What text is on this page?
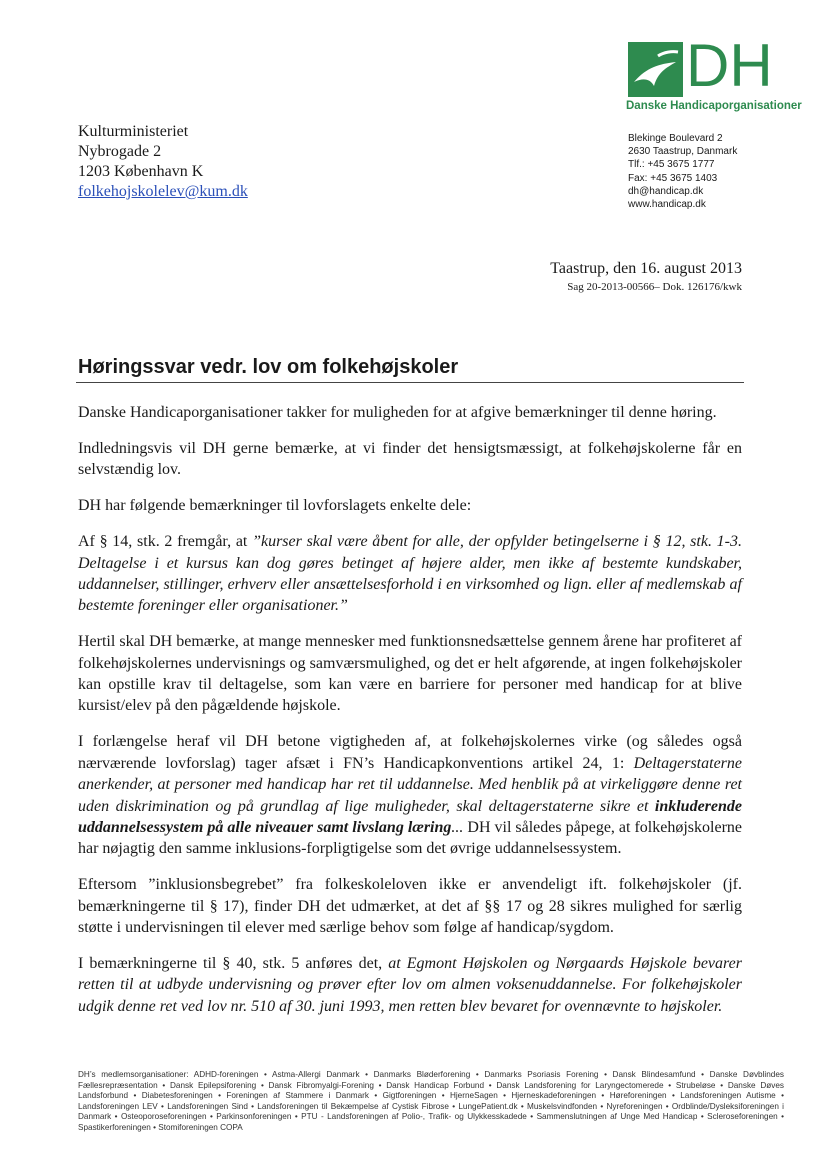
DH
Danske Handicaporganisationer
Kulturministeriet
Nybrogade 2
1203 København K
folkehojskolelev@kum.dk
Blekinge Boulevard 2
2630 Taastrup, Danmark
Tlf.: +45 3675 1777
Fax: +45 3675 1403
dh@handicap.dk
www.handicap.dk
Taastrup, den 16. august 2013
Sag 20-2013-00566– Dok. 126176/kwk
Høringssvar vedr. lov om folkehøjskoler

Danske Handicaporganisationer takker for muligheden for at afgive bemærkninger til denne høring.

Indledningsvis vil DH gerne bemærke, at vi finder det hensigtsmæssigt, at folkehøjskolerne får en selvstændig lov.

DH har følgende bemærkninger til lovforslagets enkelte dele:

Af § 14, stk. 2 fremgår, at ”kurser skal være åbent for alle, der opfylder betingelserne i § 12, stk. 1-3. Deltagelse i et kursus kan dog gøres betinget af højere alder, men ikke af bestemte kundskaber, uddannelser, stillinger, erhverv eller ansættelsesforhold i en virksomhed og lign. eller af medlemskab af bestemte foreninger eller organisationer.”

Hertil skal DH bemærke, at mange mennesker med funktionsnedsættelse gennem årene har profiteret af folkehøjskolernes undervisnings og samværsmulighed, og det er helt afgørende, at ingen folkehøjskoler kan opstille krav til deltagelse, som kan være en barriere for personer med handicap for at blive kursist/elev på den pågældende højskole.

I forlængelse heraf vil DH betone vigtigheden af, at folkehøjskolernes virke (og således også nærværende lovforslag) tager afsæt i FN’s Handicapkonventions artikel 24, 1: Deltagerstaterne anerkender, at personer med handicap har ret til uddannelse. Med henblik på at virkeliggøre denne ret uden diskrimination og på grundlag af lige muligheder, skal deltagerstaterne sikre et inkluderende uddannelsessystem på alle niveauer samt livslang læring... DH vil således påpege, at folkehøjskolerne har nøjagtig den samme inklusions-forpligtigelse som det øvrige uddannelsessystem.

Eftersom ”inklusionsbegrebet” fra folkeskoleloven ikke er anvendeligt ift. folkehøjskoler (jf. bemærkningerne til § 17), finder DH det udmærket, at det af §§ 17 og 28 sikres mulighed for særlig støtte i undervisningen til elever med særlige behov som følge af handicap/sygdom.

I bemærkningerne til § 40, stk. 5 anføres det, at Egmont Højskolen og Nørgaards Højskole bevarer retten til at udbyde undervisning og prøver efter lov om almen voksenuddannelse. For folkehøjskoler udgik denne ret ved lov nr. 510 af 30. juni 1993, men retten blev bevaret for ovennævnte to højskoler.

DH’s medlemsorganisationer: ADHD-foreningen • Astma-Allergi Danmark • Danmarks Bløderforening • Danmarks Psoriasis Forening • Dansk Blindesamfund • Danske Døvblindes Fællesrepræsentation • Dansk Epilepsiforening • Dansk Fibromyalgi-Forening • Dansk Handicap Forbund • Dansk Landsforening for Laryngectomerede • Strubeløse • Danske Døves Landsforbund • Diabetesforeningen • Foreningen af Stammere i Danmark • Gigtforeningen • HjerneSagen • Hjerneskadeforeningen • Høreforeningen • Landsforeningen Autisme • Landsforeningen LEV • Landsforeningen Sind • Landsforeningen til Bekæmpelse af Cystisk Fibrose • LungePatient.dk • Muskelsvindfonden • Nyreforeningen • Ordblinde/Dysleksiforeningen i Danmark • Osteoporoseforeningen • Parkinsonforeningen • PTU - Landsforeningen af Polio-, Trafik- og Ulykkesskadede • Sammenslutningen af Unge Med Handicap • Scleroseforeningen • Spastikerforeningen • Stomiforeningen COPA
